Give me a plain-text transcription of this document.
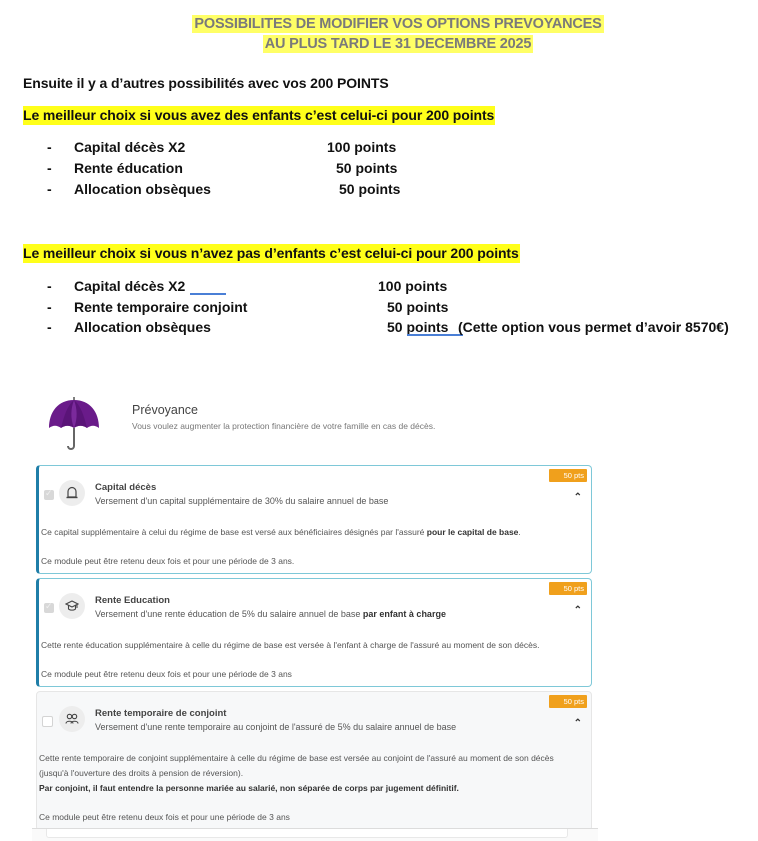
POSSIBILITES DE MODIFIER VOS OPTIONS PREVOYANCES
AU PLUS TARD LE 31 DECEMBRE 2025
Ensuite il y a d’autres possibilités avec vos 200 POINTS
Le meilleur choix si vous avez des enfants c’est celui-ci pour 200 points
- Capital décès X2	100 points
- Rente éducation	50 points
- Allocation obsèques	50 points
Le meilleur choix si vous n’avez pas d’enfants c’est celui-ci pour 200 points
- Capital décès X2	100 points
- Rente temporaire conjoint	50 points
- Allocation obsèques	50 points (Cette option vous permet d’avoir 8570€)
Prévoyance
Vous voulez augmenter la protection financière de votre famille en cas de décès.
✓
Capital décès
Versement d'un capital supplémentaire de 30% du salaire annuel de base
50 pts
⌃
Ce capital supplémentaire à celui du régime de base est versé aux bénéficiaires désignés par l'assuré pour le capital de base.
Ce module peut être retenu deux fois et pour une période de 3 ans.
✓
Rente Education
Versement d'une rente éducation de 5% du salaire annuel de base par enfant à charge
50 pts
⌃
Cette rente éducation supplémentaire à celle du régime de base est versée à l'enfant à charge de l'assuré au moment de son décès.
Ce module peut être retenu deux fois et pour une période de 3 ans
Rente temporaire de conjoint
Versement d'une rente temporaire au conjoint de l'assuré de 5% du salaire annuel de base
50 pts
⌃
Cette rente temporaire de conjoint supplémentaire à celle du régime de base est versée au conjoint de l'assuré au moment de son décès
(jusqu'à l'ouverture des droits à pension de réversion).
Par conjoint, il faut entendre la personne mariée au salarié, non séparée de corps par jugement définitif.
Ce module peut être retenu deux fois et pour une période de 3 ans
